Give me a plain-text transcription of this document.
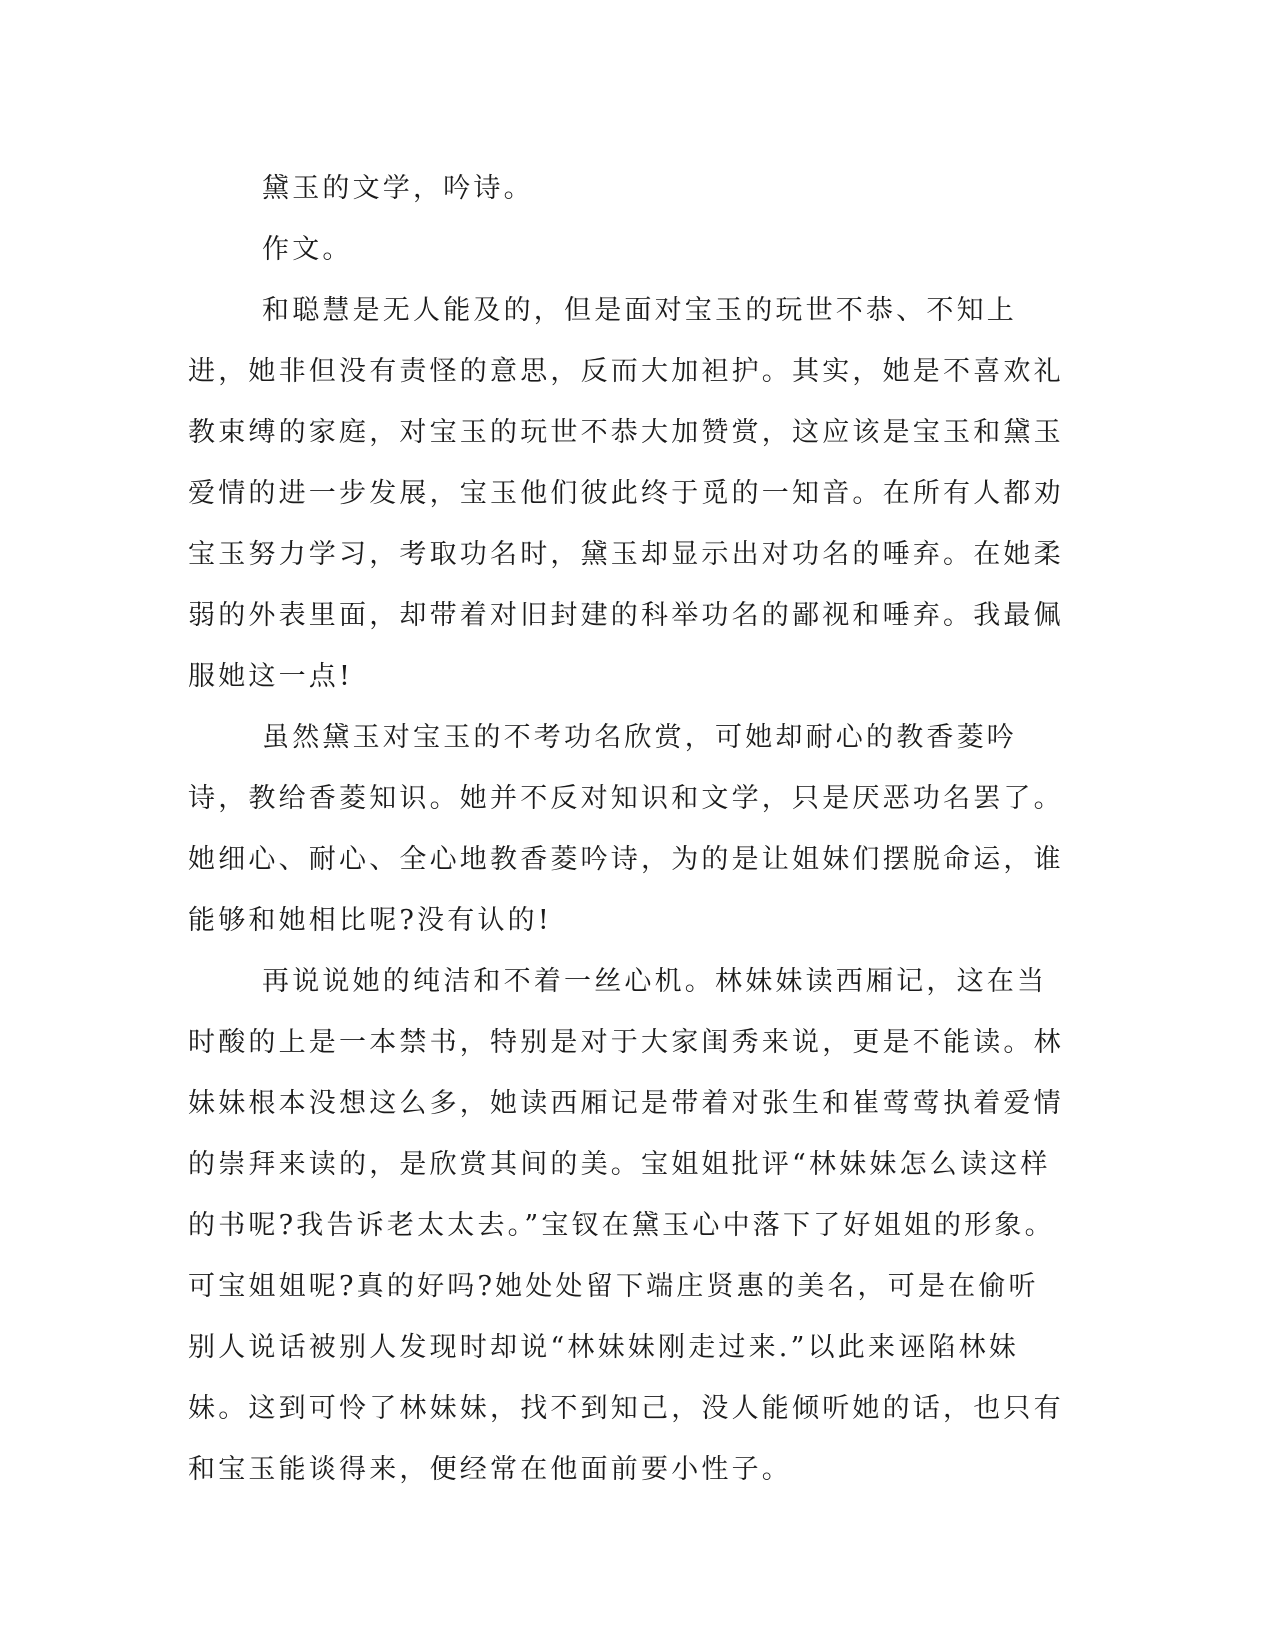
黛玉的文学，吟诗。

作文。

和聪慧是无人能及的，但是面对宝玉的玩世不恭、不知上进，她非但没有责怪的意思，反而大加袒护。其实，她是不喜欢礼教束缚的家庭，对宝玉的玩世不恭大加赞赏，这应该是宝玉和黛玉爱情的进一步发展，宝玉他们彼此终于觅的一知音。在所有人都劝宝玉努力学习，考取功名时，黛玉却显示出对功名的唾弃。在她柔弱的外表里面，却带着对旧封建的科举功名的鄙视和唾弃。我最佩服她这一点!

虽然黛玉对宝玉的不考功名欣赏，可她却耐心的教香菱吟诗，教给香菱知识。她并不反对知识和文学，只是厌恶功名罢了。她细心、耐心、全心地教香菱吟诗，为的是让姐妹们摆脱命运，谁能够和她相比呢?没有认的!

再说说她的纯洁和不着一丝心机。林妹妹读西厢记，这在当时酸的上是一本禁书，特别是对于大家闺秀来说，更是不能读。林妹妹根本没想这么多，她读西厢记是带着对张生和崔莺莺执着爱情的崇拜来读的，是欣赏其间的美。宝姐姐批评“林妹妹怎么读这样的书呢?我告诉老太太去。”宝钗在黛玉心中落下了好姐姐的形象。可宝姐姐呢?真的好吗?她处处留下端庄贤惠的美名，可是在偷听别人说话被别人发现时却说“林妹妹刚走过来.”以此来诬陷林妹妹。这到可怜了林妹妹，找不到知己，没人能倾听她的话，也只有和宝玉能谈得来，便经常在他面前要小性子。
